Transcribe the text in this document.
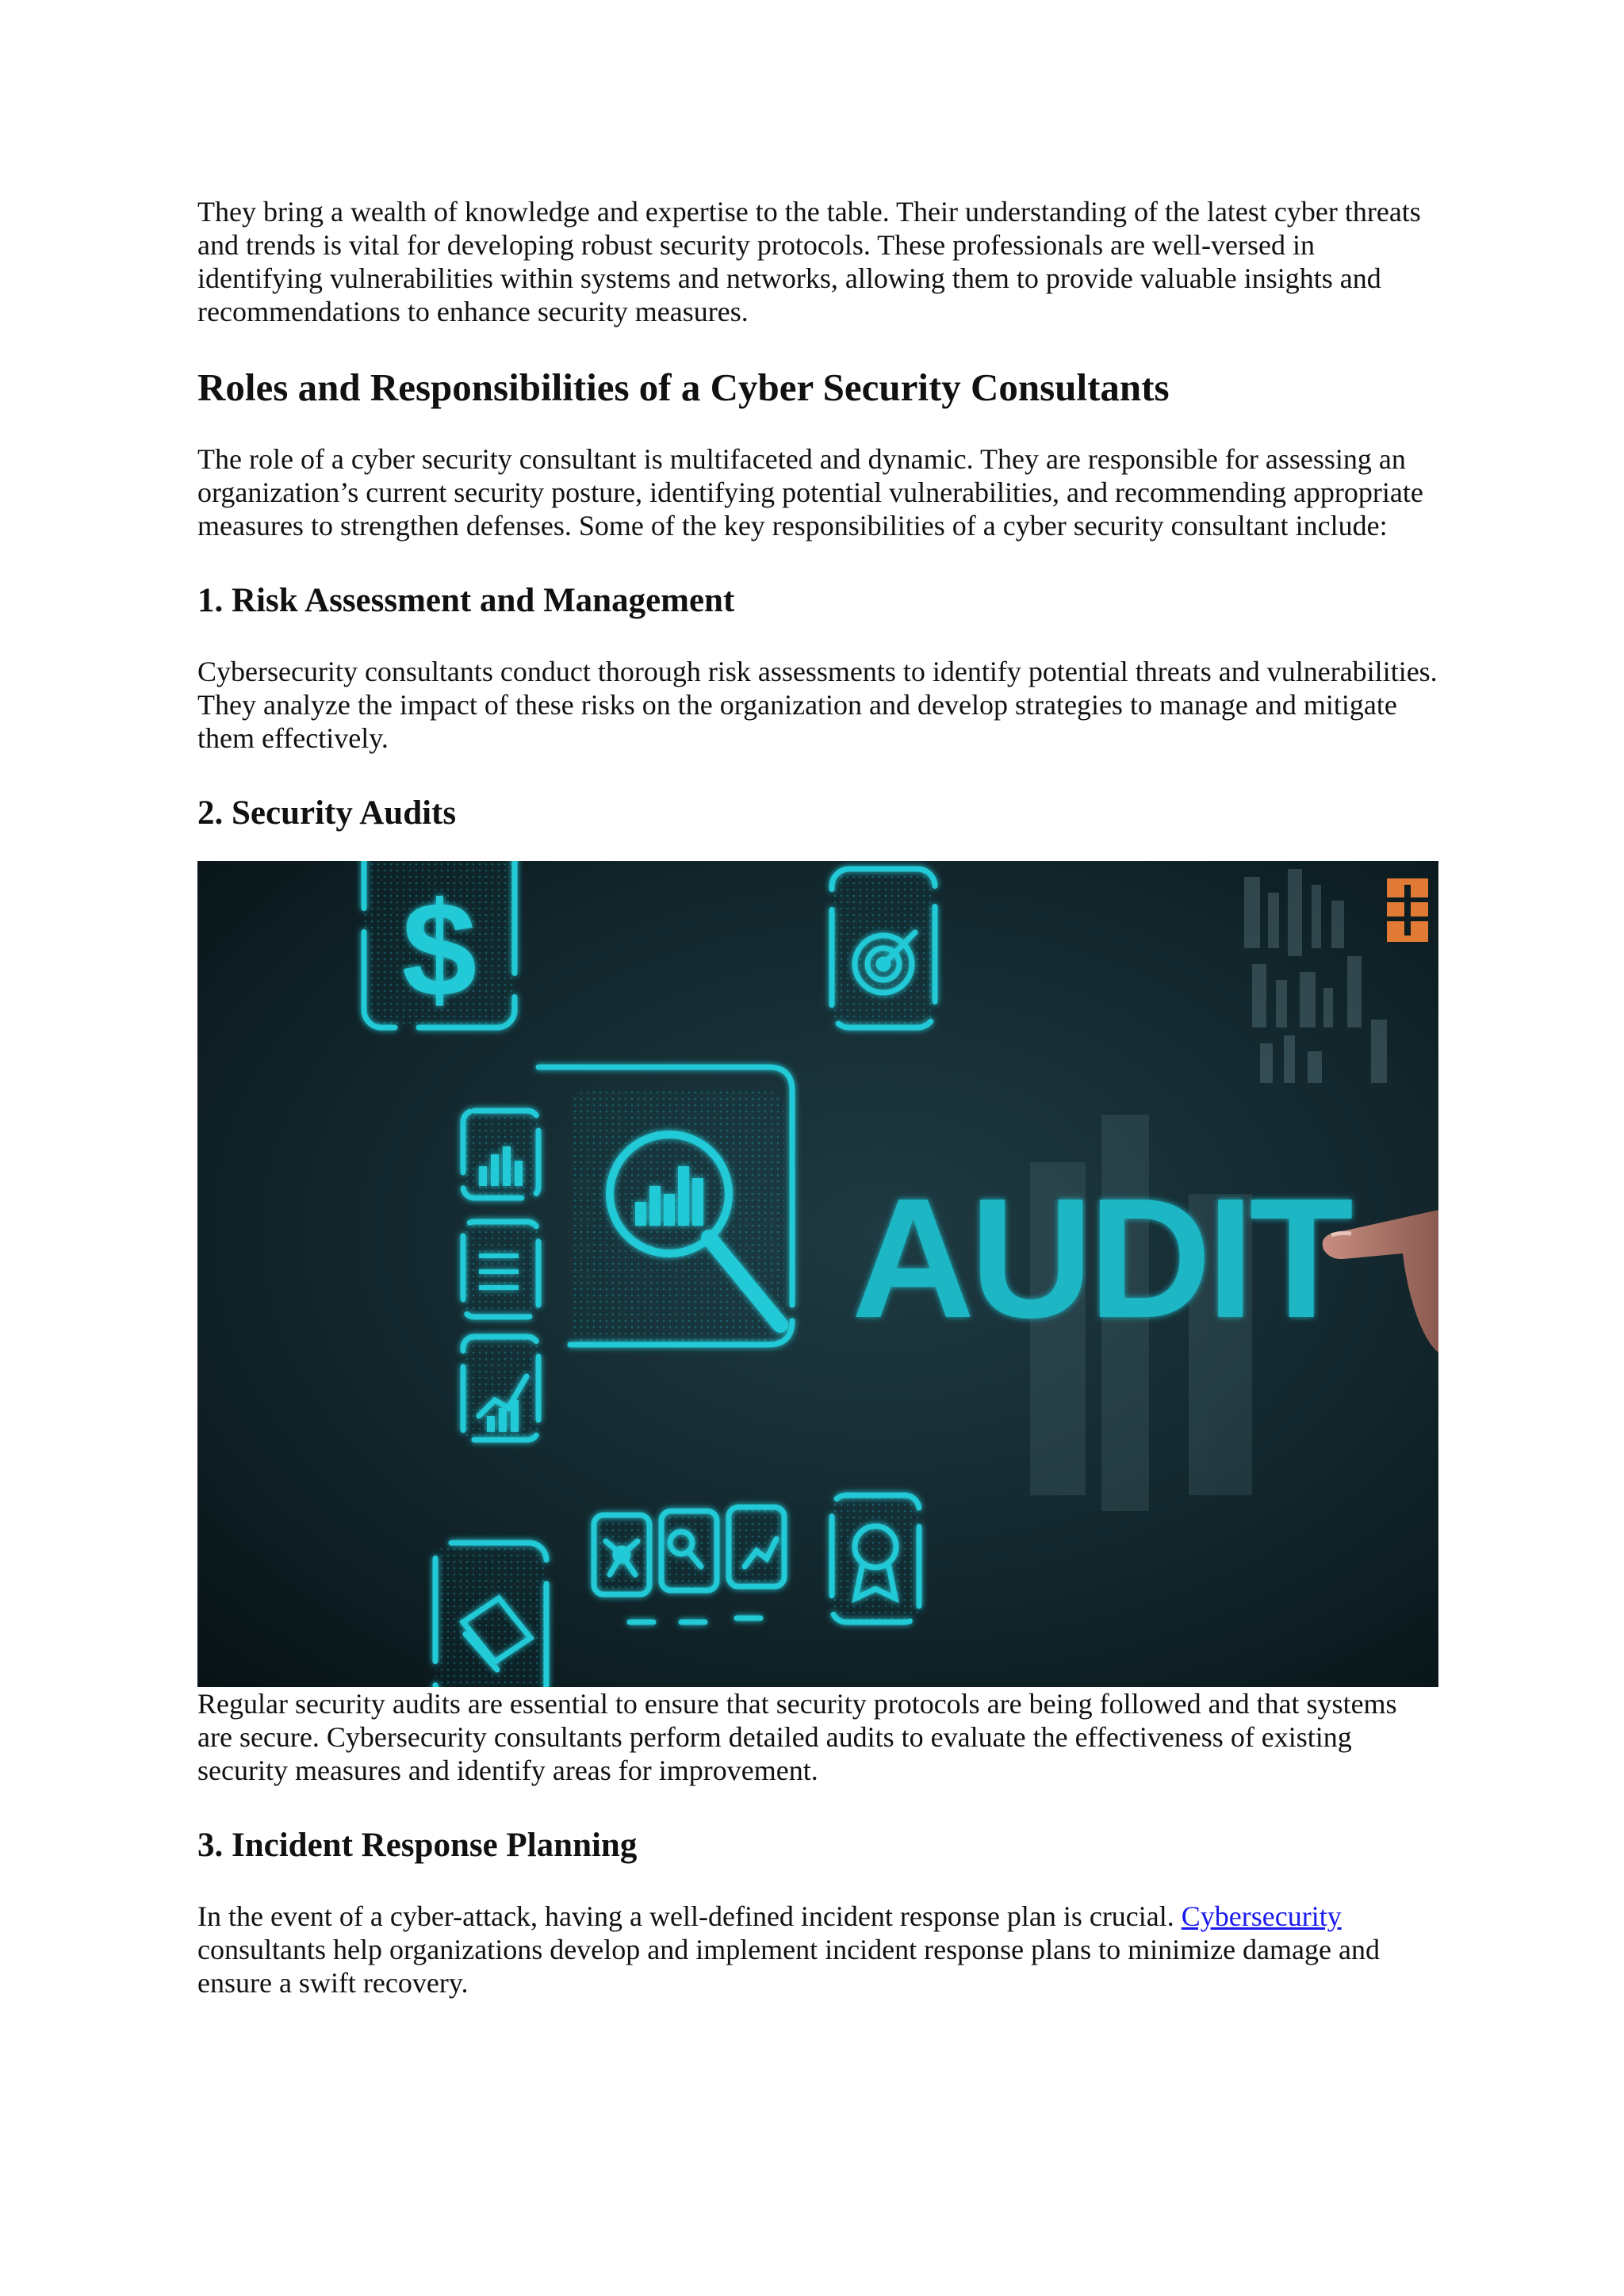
They bring a wealth of knowledge and expertise to the table. Their understanding of the latest cyber threats and trends is vital for developing robust security protocols. These professionals are well-versed in identifying vulnerabilities within systems and networks, allowing them to provide valuable insights and recommendations to enhance security measures.

Roles and Responsibilities of a Cyber Security Consultants

The role of a cyber security consultant is multifaceted and dynamic. They are responsible for assessing an organization’s current security posture, identifying potential vulnerabilities, and recommending appropriate measures to strengthen defenses. Some of the key responsibilities of a cyber security consultant include:

1. Risk Assessment and Management

Cybersecurity consultants conduct thorough risk assessments to identify potential threats and vulnerabilities. They analyze the impact of these risks on the organization and develop strategies to manage and mitigate them effectively.

2. Security Audits
$
AUDIT

Regular security audits are essential to ensure that security protocols are being followed and that systems are secure. Cybersecurity consultants perform detailed audits to evaluate the effectiveness of existing security measures and identify areas for improvement.

3. Incident Response Planning

In the event of a cyber-attack, having a well-defined incident response plan is crucial. Cybersecurity consultants help organizations develop and implement incident response plans to minimize damage and ensure a swift recovery.
